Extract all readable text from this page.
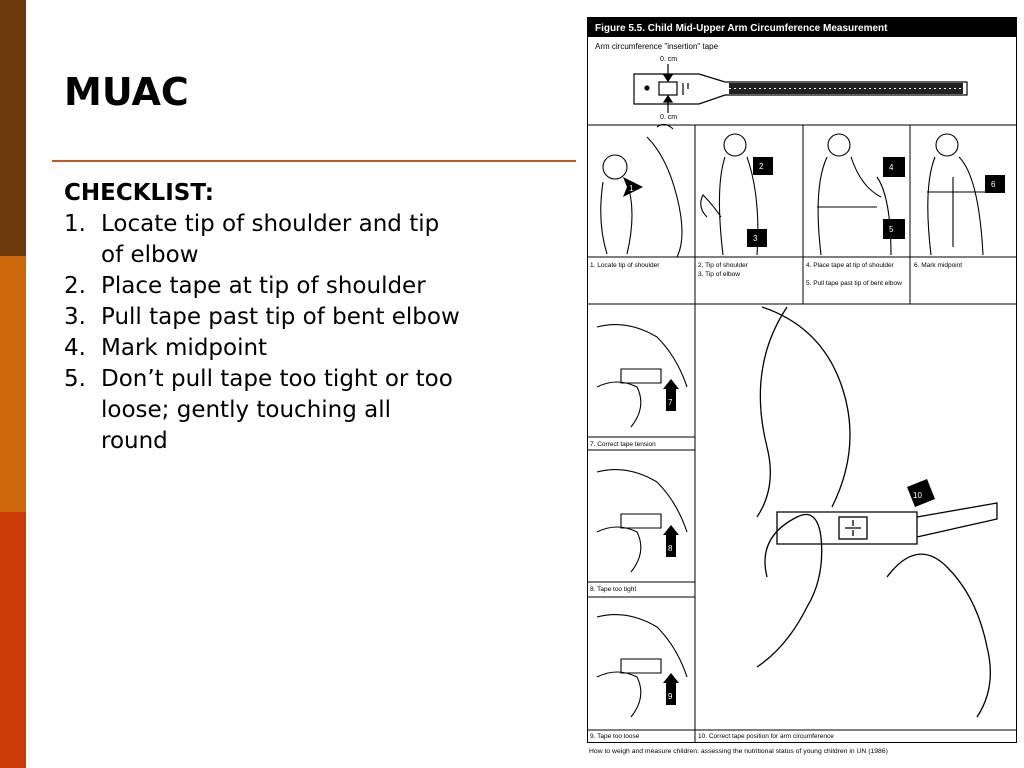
MUAC
CHECKLIST:
1. Locate tip of shoulder and tip of elbow
2. Place tape at tip of shoulder
3. Pull tape past tip of bent elbow
4. Mark midpoint
5. Don’t pull tape too tight or too loose; gently touching all round
Figure 5.5. Child Mid-Upper Arm Circumference Measurement
Arm circumference "insertion" tape
0. cm
0. cm
1
2
3
4
5
6
1. Locate tip of shoulder	2. Tip of shoulder
3. Tip of elbow
4. Place tape at tip of shoulder
5. Pull tape past tip of bent elbow
6. Mark midpoint
7
8
9
7. Correct tape tension
8. Tape too tight
9. Tape too loose
10
10. Correct tape position for arm circumference
How to weigh and measure children: assessing the nutritional status of young children in UN (1986)
